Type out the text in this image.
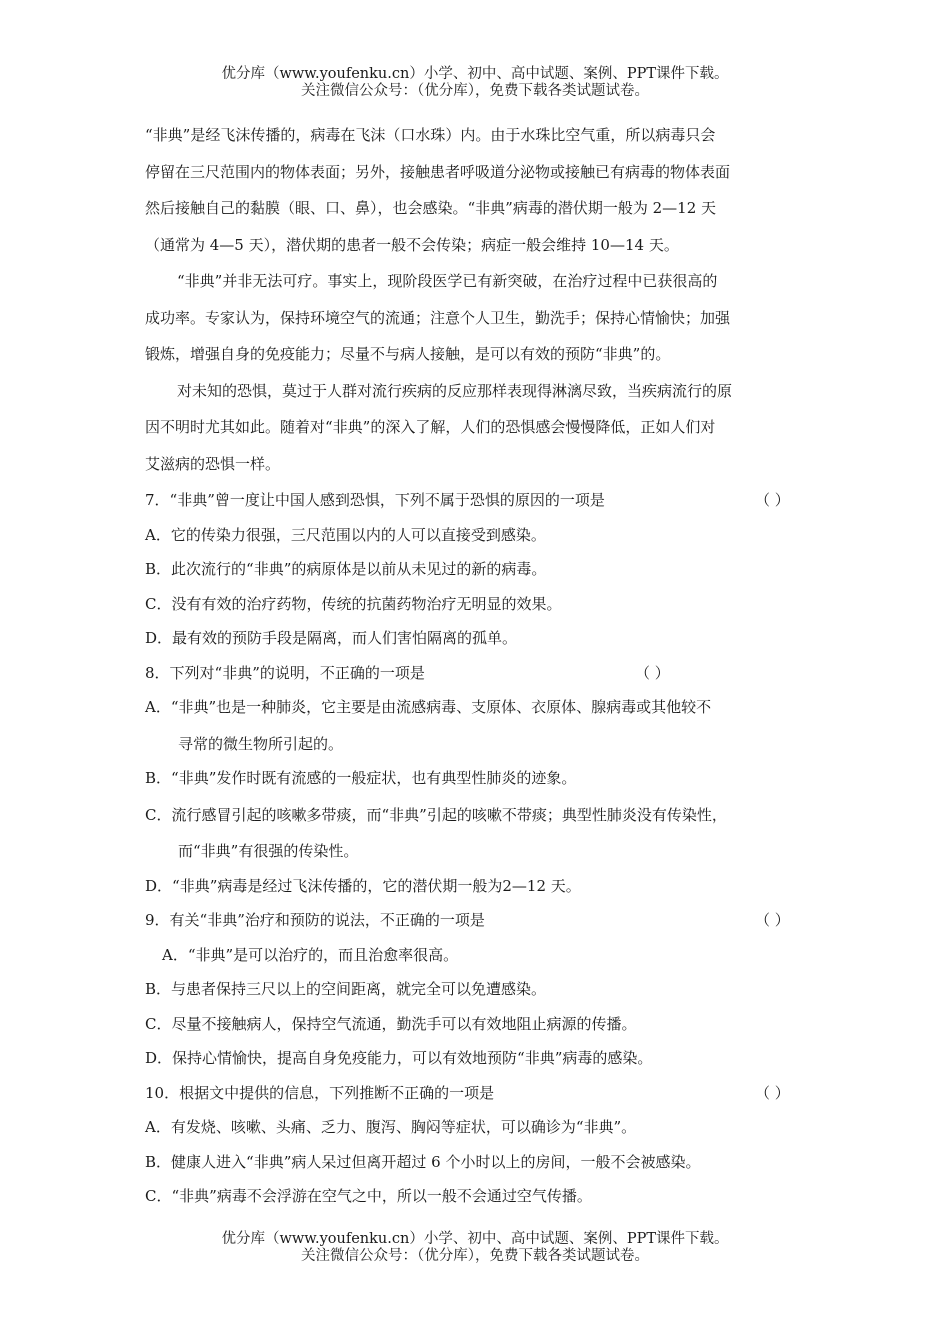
优分库（www.youfenku.cn）小学、初中、高中试题、案例、PPT课件下载。
关注微信公众号：（优分库），免费下载各类试题试卷。
“非典”是经飞沫传播的，病毒在飞沫（口水珠）内。由于水珠比空气重，所以病毒只会
停留在三尺范围内的物体表面；另外，接触患者呼吸道分泌物或接触已有病毒的物体表面
然后接触自己的黏膜（眼、口、鼻），也会感染。“非典”病毒的潜伏期一般为 2—12 天
（通常为 4—5 天），潜伏期的患者一般不会传染；病症一般会维持 10—14 天。
“非典”并非无法可疗。事实上，现阶段医学已有新突破，在治疗过程中已获很高的
成功率。专家认为，保持环境空气的流通；注意个人卫生，勤洗手；保持心情愉快；加强
锻炼，增强自身的免疫能力；尽量不与病人接触，是可以有效的预防“非典”的。
对未知的恐惧，莫过于人群对流行疾病的反应那样表现得淋漓尽致，当疾病流行的原
因不明时尤其如此。随着对“非典”的深入了解，人们的恐惧感会慢慢降低，正如人们对
艾滋病的恐惧一样。
7．“非典”曾一度让中国人感到恐惧，下列不属于恐惧的原因的一项是	（ ）
A．它的传染力很强，三尺范围以内的人可以直接受到感染。
B．此次流行的“非典”的病原体是以前从未见过的新的病毒。
C．没有有效的治疗药物，传统的抗菌药物治疗无明显的效果。
D．最有效的预防手段是隔离，而人们害怕隔离的孤单。
8．下列对“非典”的说明，不正确的一项是	（ ）
A．“非典”也是一种肺炎，它主要是由流感病毒、支原体、衣原体、腺病毒或其他较不
寻常的微生物所引起的。
B．“非典”发作时既有流感的一般症状，也有典型性肺炎的迹象。
C．流行感冒引起的咳嗽多带痰，而“非典”引起的咳嗽不带痰；典型性肺炎没有传染性，
而“非典”有很强的传染性。
D．“非典”病毒是经过飞沫传播的，它的潜伏期一般为2—12 天。
9．有关“非典”治疗和预防的说法，不正确的一项是	（ ）
A．“非典”是可以治疗的，而且治愈率很高。
B．与患者保持三尺以上的空间距离，就完全可以免遭感染。
C．尽量不接触病人，保持空气流通，勤洗手可以有效地阻止病源的传播。
D．保持心情愉快，提高自身免疫能力，可以有效地预防“非典”病毒的感染。
10．根据文中提供的信息，下列推断不正确的一项是	（ ）
A．有发烧、咳嗽、头痛、乏力、腹泻、胸闷等症状，可以确诊为“非典”。
B．健康人进入“非典”病人呆过但离开超过 6 个小时以上的房间，一般不会被感染。
C．“非典”病毒不会浮游在空气之中，所以一般不会通过空气传播。
优分库（www.youfenku.cn）小学、初中、高中试题、案例、PPT课件下载。
关注微信公众号：（优分库），免费下载各类试题试卷。
